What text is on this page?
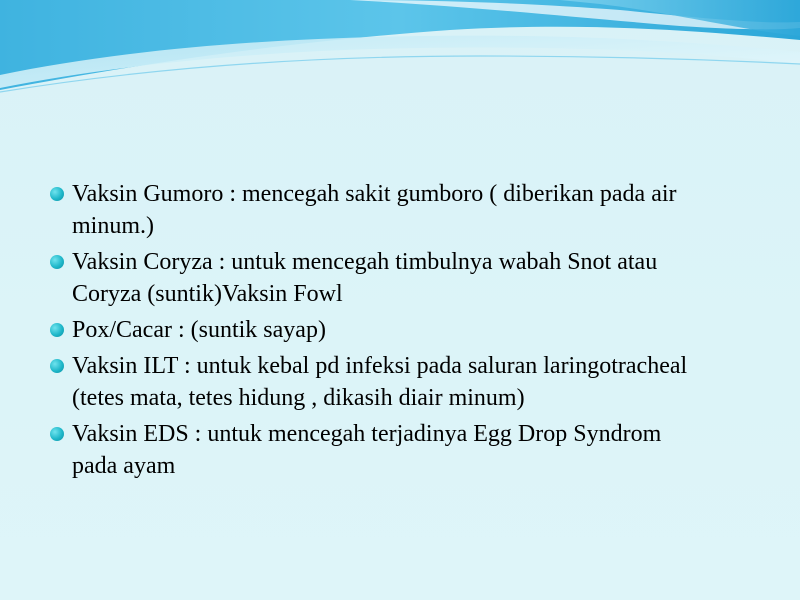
Vaksin Gumoro : mencegah sakit gumboro ( diberikan pada air minum.)
Vaksin Coryza : untuk mencegah timbulnya wabah Snot atau Coryza (suntik)Vaksin Fowl
Pox/Cacar : (suntik sayap)
Vaksin ILT : untuk kebal pd infeksi pada saluran laringotracheal (tetes mata, tetes hidung , dikasih diair minum)
Vaksin EDS : untuk mencegah terjadinya Egg Drop Syndrom pada ayam
